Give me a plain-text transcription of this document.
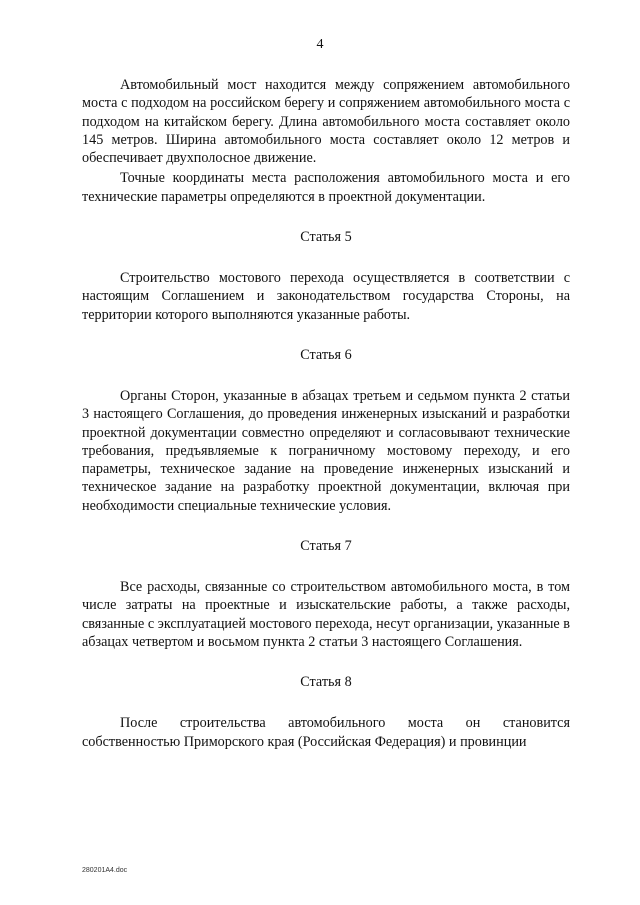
4

Автомобильный мост находится между сопряжением автомобильного моста с подходом на российском берегу и сопряжением автомобильного моста с подходом на китайском берегу. Длина автомобильного моста составляет около 145 метров. Ширина автомобильного моста составляет около 12 метров и обеспечивает двухполосное движение.

Точные координаты места расположения автомобильного моста и его технические параметры определяются в проектной документации.

Статья 5

Строительство мостового перехода осуществляется в соответствии с настоящим Соглашением и законодательством государства Стороны, на территории которого выполняются указанные работы.

Статья 6

Органы Сторон, указанные в абзацах третьем и седьмом пункта 2 статьи 3 настоящего Соглашения, до проведения инженерных изысканий и разработки проектной документации совместно определяют и согласовывают технические требования, предъявляемые к пограничному мостовому переходу, и его параметры, техническое задание на проведение инженерных изысканий и техническое задание на разработку проектной документации, включая при необходимости специальные технические условия.

Статья 7

Все расходы, связанные со строительством автомобильного моста, в том числе затраты на проектные и изыскательские работы, а также расходы, связанные с эксплуатацией мостового перехода, несут организации, указанные в абзацах четвертом и восьмом пункта 2 статьи 3 настоящего Соглашения.

Статья 8

После строительства автомобильного моста он становится собственностью Приморского края (Российская Федерация) и провинции

280201A4.doc
